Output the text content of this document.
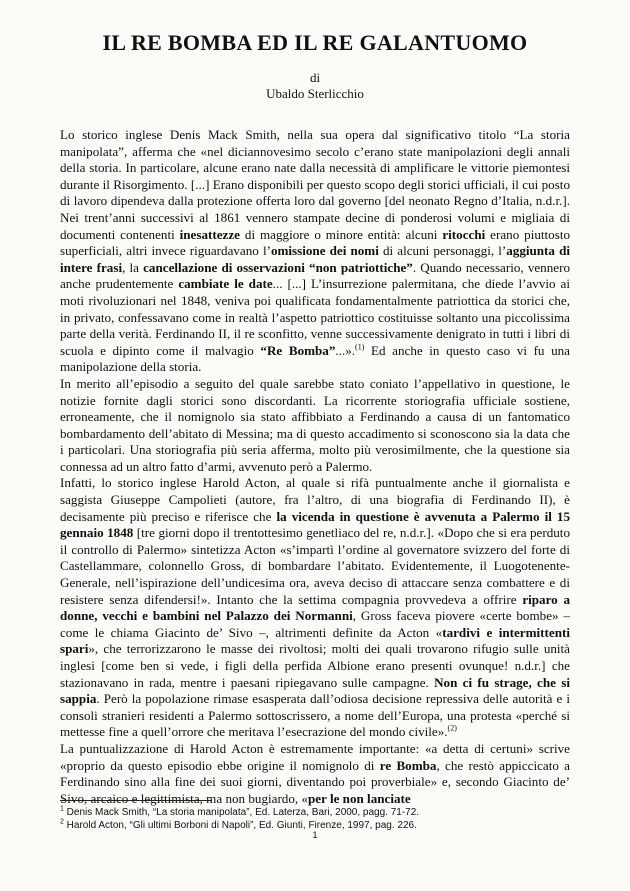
IL RE BOMBA ED IL RE GALANTUOMO
di
Ubaldo Sterlicchio

Lo storico inglese Denis Mack Smith, nella sua opera dal significativo titolo “La storia manipolata”, afferma che «nel diciannovesimo secolo c’erano state manipolazioni degli annali della storia. In particolare, alcune erano nate dalla necessità di amplificare le vittorie piemontesi durante il Risorgimento. [...] Erano disponibili per questo scopo degli storici ufficiali, il cui posto di lavoro dipendeva dalla protezione offerta loro dal governo [del neonato Regno d’Italia, n.d.r.]. Nei trent’anni successivi al 1861 vennero stampate decine di ponderosi volumi e migliaia di documenti contenenti inesattezze di maggiore o minore entità: alcuni ritocchi erano piuttosto superficiali, altri invece riguardavano l’omissione dei nomi di alcuni personaggi, l’aggiunta di intere frasi, la cancellazione di osservazioni “non patriottiche”. Quando necessario, vennero anche prudentemente cambiate le date... [...] L’insurrezione palermitana, che diede l’avvio ai moti rivoluzionari nel 1848, veniva poi qualificata fondamentalmente patriottica da storici che, in privato, confessavano come in realtà l’aspetto patriottico costituisse soltanto una piccolissima parte della verità. Ferdinando II, il re sconfitto, venne successivamente denigrato in tutti i libri di scuola e dipinto come il malvagio “Re Bomba”...».$^{(1)}$ Ed anche in questo caso vi fu una manipolazione della storia.

In merito all’episodio a seguito del quale sarebbe stato coniato l’appellativo in questione, le notizie fornite dagli storici sono discordanti. La ricorrente storiografia ufficiale sostiene, erroneamente, che il nomignolo sia stato affibbiato a Ferdinando a causa di un fantomatico bombardamento dell’abitato di Messina; ma di questo accadimento si sconoscono sia la data che i particolari. Una storiografia più seria afferma, molto più verosimilmente, che la questione sia connessa ad un altro fatto d’armi, avvenuto però a Palermo.

Infatti, lo storico inglese Harold Acton, al quale si rifà puntualmente anche il giornalista e saggista Giuseppe Campolieti (autore, fra l’altro, di una biografia di Ferdinando II), è decisamente più preciso e riferisce che la vicenda in questione è avvenuta a Palermo il 15 gennaio 1848 [tre giorni dopo il trentottesimo genetliaco del re, n.d.r.]. «Dopo che si era perduto il controllo di Palermo» sintetizza Acton «s’impartì l’ordine al governatore svizzero del forte di Castellammare, colonnello Gross, di bombardare l’abitato. Evidentemente, il Luogotenente-Generale, nell’ispirazione dell’undicesima ora, aveva deciso di attaccare senza combattere e di resistere senza difendersi!». Intanto che la settima compagnia provvedeva a offrire riparo a donne, vecchi e bambini nel Palazzo dei Normanni, Gross faceva piovere «certe bombe» – come le chiama Giacinto de’ Sivo –, altrimenti definite da Acton «tardivi e intermittenti spari», che terrorizzarono le masse dei rivoltosi; molti dei quali trovarono rifugio sulle unità inglesi [come ben si vede, i figli della perfida Albione erano presenti ovunque! n.d.r.] che stazionavano in rada, mentre i paesani ripiegavano sulle campagne. Non ci fu strage, che si sappia. Però la popolazione rimase esasperata dall’odiosa decisione repressiva delle autorità e i consoli stranieri residenti a Palermo sottoscrissero, a nome dell’Europa, una protesta «perché si mettesse fine a quell’orrore che meritava l’esecrazione del mondo civile».$^{(2)}$

La puntualizzazione di Harold Acton è estremamente importante: «a detta di certuni» scrive «proprio da questo episodio ebbe origine il nomignolo di re Bomba, che restò appiccicato a Ferdinando sino alla fine dei suoi giorni, diventando poi proverbiale» e, secondo Giacinto de’ Sivo, arcaico e legittimista, ma non bugiardo, «per le non lanciate

$^1$ Denis Mack Smith, “La storia manipolata”, Ed. Laterza, Bari, 2000, pagg. 71-72.
$^2$ Harold Acton, “Gli ultimi Borboni di Napoli”, Ed. Giunti, Firenze, 1997, pag. 226.
1
